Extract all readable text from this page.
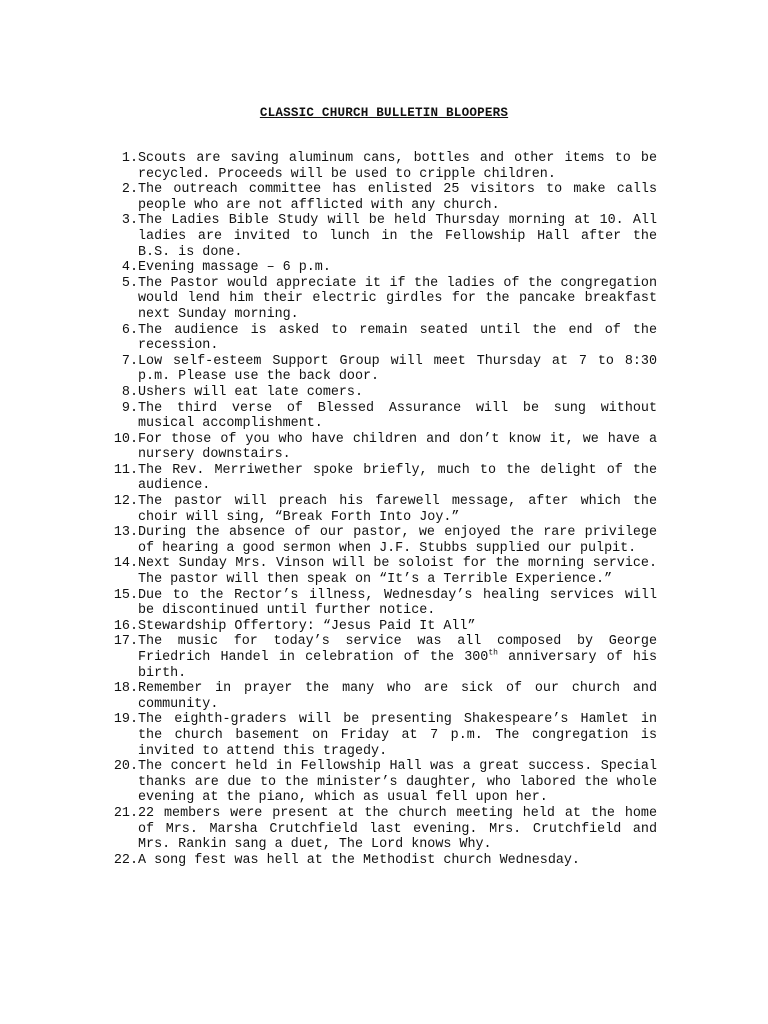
CLASSIC CHURCH BULLETIN BLOOPERS
1. Scouts are saving aluminum cans, bottles and other items to be recycled. Proceeds will be used to cripple children.
2. The outreach committee has enlisted 25 visitors to make calls people who are not afflicted with any church.
3. The Ladies Bible Study will be held Thursday morning at 10. All ladies are invited to lunch in the Fellowship Hall after the B.S. is done.
4. Evening massage – 6 p.m.
5. The Pastor would appreciate it if the ladies of the congregation would lend him their electric girdles for the pancake breakfast next Sunday morning.
6. The audience is asked to remain seated until the end of the recession.
7. Low self-esteem Support Group will meet Thursday at 7 to 8:30 p.m. Please use the back door.
8. Ushers will eat late comers.
9. The third verse of Blessed Assurance will be sung without musical accomplishment.
10. For those of you who have children and don’t know it, we have a nursery downstairs.
11. The Rev. Merriwether spoke briefly, much to the delight of the audience.
12. The pastor will preach his farewell message, after which the choir will sing, “Break Forth Into Joy.”
13. During the absence of our pastor, we enjoyed the rare privilege of hearing a good sermon when J.F. Stubbs supplied our pulpit.
14. Next Sunday Mrs. Vinson will be soloist for the morning service. The pastor will then speak on “It’s a Terrible Experience.”
15. Due to the Rector’s illness, Wednesday’s healing services will be discontinued until further notice.
16. Stewardship Offertory: “Jesus Paid It All”
17. The music for today’s service was all composed by George Friedrich Handel in celebration of the 300th anniversary of his birth.
18. Remember in prayer the many who are sick of our church and community.
19. The eighth-graders will be presenting Shakespeare’s Hamlet in the church basement on Friday at 7 p.m. The congregation is invited to attend this tragedy.
20. The concert held in Fellowship Hall was a great success. Special thanks are due to the minister’s daughter, who labored the whole evening at the piano, which as usual fell upon her.
21. 22 members were present at the church meeting held at the home of Mrs. Marsha Crutchfield last evening. Mrs. Crutchfield and Mrs. Rankin sang a duet, The Lord knows Why.
22. A song fest was hell at the Methodist church Wednesday.
